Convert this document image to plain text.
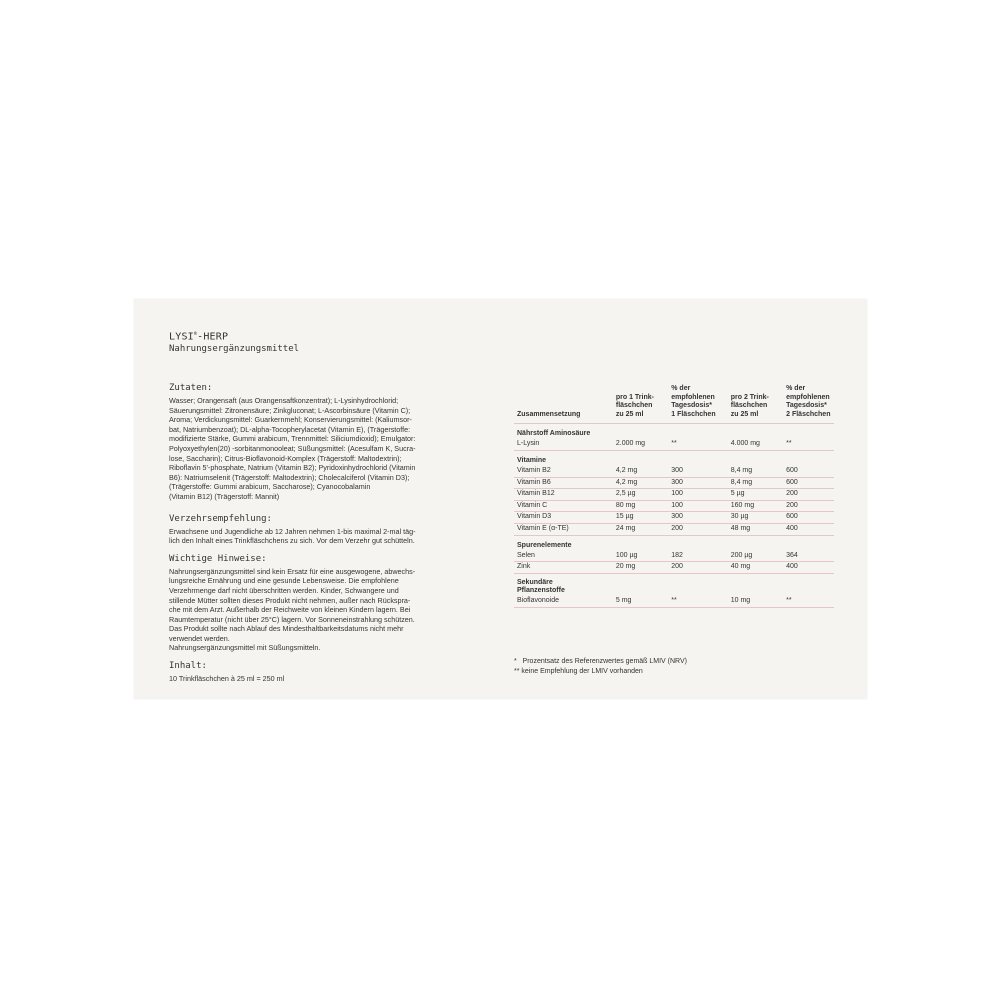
LYSI®-HERP
Nahrungsergänzungsmittel
Zutaten:
Wasser; Orangensaft (aus Orangensaftkonzentrat); L-Lysinhydrochlorid;
Säuerungsmittel: Zitronensäure; Zinkgluconat; L-Ascorbinsäure (Vitamin C);
Aroma; Verdickungsmittel: Guarkernmehl; Konservierungsmittel: (Kaliumsor-
bat, Natriumbenzoat); DL-alpha-Tocopherylacetat (Vitamin E), (Trägerstoffe:
modifizierte Stärke, Gummi arabicum, Trennmittel: Siliciumdioxid); Emulgator:
Polyoxyethylen(20) -sorbitanmonooleat; Süßungsmittel: (Acesulfam K, Sucra-
lose, Saccharin); Citrus-Bioflavonoid-Komplex (Trägerstoff: Maltodextrin);
Riboflavin 5'-phosphate, Natrium (Vitamin B2); Pyridoxinhydrochlorid (Vitamin
B6): Natriumselenit (Trägerstoff: Maltodextrin); Cholecalciferol (Vitamin D3);
(Trägerstoffe: Gummi arabicum, Saccharose); Cyanocobalamin
(Vitamin B12) (Trägerstoff: Mannit)
Verzehrsempfehlung:
Erwachsene und Jugendliche ab 12 Jahren nehmen 1-bis maximal 2-mal täg-
lich den Inhalt eines Trinkfläschchens zu sich. Vor dem Verzehr gut schütteln.
Wichtige Hinweise:
Nahrungsergänzungsmittel sind kein Ersatz für eine ausgewogene, abwechs-
lungsreiche Ernährung und eine gesunde Lebensweise. Die empfohlene
Verzehrmenge darf nicht überschritten werden. Kinder, Schwangere und
stillende Mütter sollten dieses Produkt nicht nehmen, außer nach Rückspra-
che mit dem Arzt. Außerhalb der Reichweite von kleinen Kindern lagern. Bei
Raumtemperatur (nicht über 25°C) lagern. Vor Sonneneinstrahlung schützen.
Das Produkt sollte nach Ablauf des Mindesthaltbarkeitsdatums nicht mehr
verwendet werden.
Nahrungsergänzungsmittel mit Süßungsmitteln.
Inhalt:
10 Trinkfläschchen à 25 ml = 250 ml
Zusammensetzung	pro 1 Trink-
fläschchen
zu 25 ml	% der
empfohlenen
Tagesdosis*
1 Fläschchen	pro 2 Trink-
fläschchen
zu 25 ml	% der
empfohlenen
Tagesdosis*
2 Fläschchen
Nährstoff Aminosäure				
L-Lysin	2.000 mg	**	4.000 mg	**
Vitamine				
Vitamin B2	4,2 mg	300	8,4 mg	600
Vitamin B6	4,2 mg	300	8,4 mg	600
Vitamin B12	2,5 µg	100	5 µg	200
Vitamin C	80 mg	100	160 mg	200
Vitamin D3	15 µg	300	30 µg	600
Vitamin E (α-TE)	24 mg	200	48 mg	400
Spurenelemente				
Selen	100 µg	182	200 µg	364
Zink	20 mg	200	40 mg	400
Sekundäre
Pflanzenstoffe				
Bioflavonoide	5 mg	**	10 mg	**
*   Prozentsatz des Referenzwertes gemäß LMIV (NRV)
** keine Empfehlung der LMIV vorhanden
